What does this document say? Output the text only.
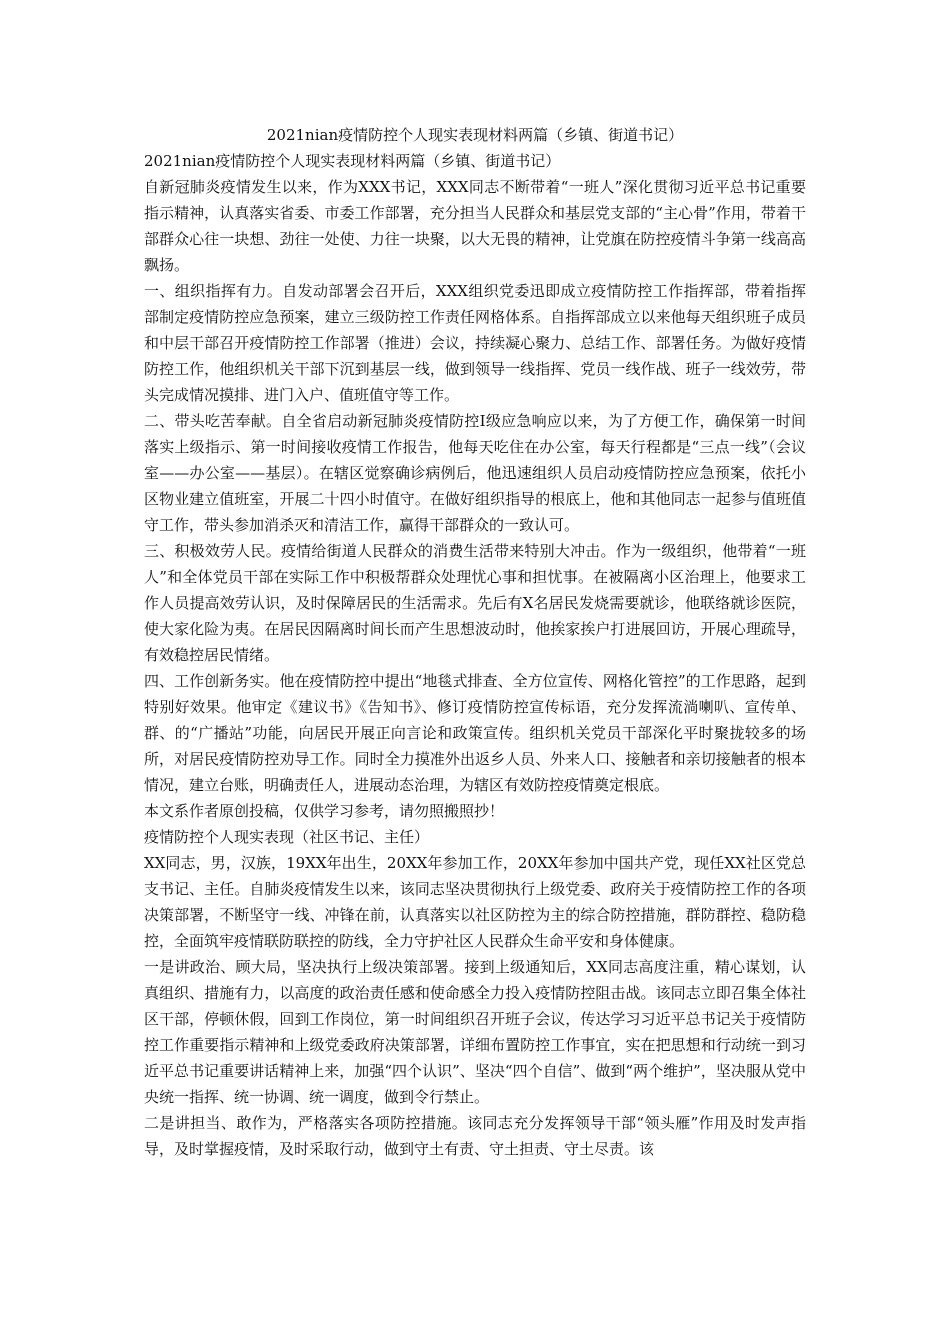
2021nian疫情防控个人现实表现材料两篇（乡镇、街道书记）

2021nian疫情防控个人现实表现材料两篇（乡镇、街道书记）

自新冠肺炎疫情发生以来，作为XXX书记，XXX同志不断带着“一班人”深化贯彻习近平总书记重要指示精神，认真落实省委、市委工作部署，充分担当人民群众和基层党支部的“主心骨”作用，带着干部群众心往一块想、劲往一处使、力往一块聚，以大无畏的精神，让党旗在防控疫情斗争第一线高高飘扬。

一、组织指挥有力。自发动部署会召开后，XXX组织党委迅即成立疫情防控工作指挥部，带着指挥部制定疫情防控应急预案，建立三级防控工作责任网格体系。自指挥部成立以来他每天组织班子成员和中层干部召开疫情防控工作部署（推进）会议，持续凝心聚力、总结工作、部署任务。为做好疫情防控工作，他组织机关干部下沉到基层一线，做到领导一线指挥、党员一线作战、班子一线效劳，带头完成情况摸排、进门入户、值班值守等工作。

二、带头吃苦奉献。自全省启动新冠肺炎疫情防控Ⅰ级应急响应以来，为了方便工作，确保第一时间落实上级指示、第一时间接收疫情工作报告，他每天吃住在办公室，每天行程都是“三点一线”（会议室——办公室——基层）。在辖区觉察确诊病例后，他迅速组织人员启动疫情防控应急预案，依托小区物业建立值班室，开展二十四小时值守。在做好组织指导的根底上，他和其他同志一起参与值班值守工作，带头参加消杀灭和清洁工作，赢得干部群众的一致认可。

三、积极效劳人民。疫情给街道人民群众的消费生活带来特别大冲击。作为一级组织，他带着“一班人”和全体党员干部在实际工作中积极帮群众处理忧心事和担忧事。在被隔离小区治理上，他要求工作人员提高效劳认识，及时保障居民的生活需求。先后有X名居民发烧需要就诊，他联络就诊医院，使大家化险为夷。在居民因隔离时间长而产生思想波动时，他挨家挨户打进展回访，开展心理疏导，有效稳控居民情绪。

四、工作创新务实。他在疫情防控中提出“地毯式排查、全方位宣传、网格化管控”的工作思路，起到特别好效果。他审定《建议书》《告知书》、修订疫情防控宣传标语，充分发挥流淌喇叭、宣传单、群、的“广播站”功能，向居民开展正向言论和政策宣传。组织机关党员干部深化平时聚拢较多的场所，对居民疫情防控劝导工作。同时全力摸准外出返乡人员、外来人口、接触者和亲切接触者的根本情况，建立台账，明确责任人，进展动态治理，为辖区有效防控疫情奠定根底。

本文系作者原创投稿，仅供学习参考，请勿照搬照抄！

疫情防控个人现实表现（社区书记、主任）

XX同志，男，汉族，19XX年出生，20XX年参加工作，20XX年参加中国共产党，现任XX社区党总支书记、主任。自肺炎疫情发生以来，该同志坚决贯彻执行上级党委、政府关于疫情防控工作的各项决策部署，不断坚守一线、冲锋在前，认真落实以社区防控为主的综合防控措施，群防群控、稳防稳控，全面筑牢疫情联防联控的防线，全力守护社区人民群众生命平安和身体健康。

一是讲政治、顾大局，坚决执行上级决策部署。接到上级通知后，XX同志高度注重，精心谋划，认真组织、措施有力，以高度的政治责任感和使命感全力投入疫情防控阻击战。该同志立即召集全体社区干部，停顿休假，回到工作岗位，第一时间组织召开班子会议，传达学习习近平总书记关于疫情防控工作重要指示精神和上级党委政府决策部署，详细布置防控工作事宜，实在把思想和行动统一到习近平总书记重要讲话精神上来，加强“四个认识”、坚决“四个自信”、做到“两个维护”，坚决服从党中央统一指挥、统一协调、统一调度，做到令行禁止。

二是讲担当、敢作为，严格落实各项防控措施。该同志充分发挥领导干部“领头雁”作用及时发声指导，及时掌握疫情，及时采取行动，做到守土有责、守土担责、守土尽责。该
